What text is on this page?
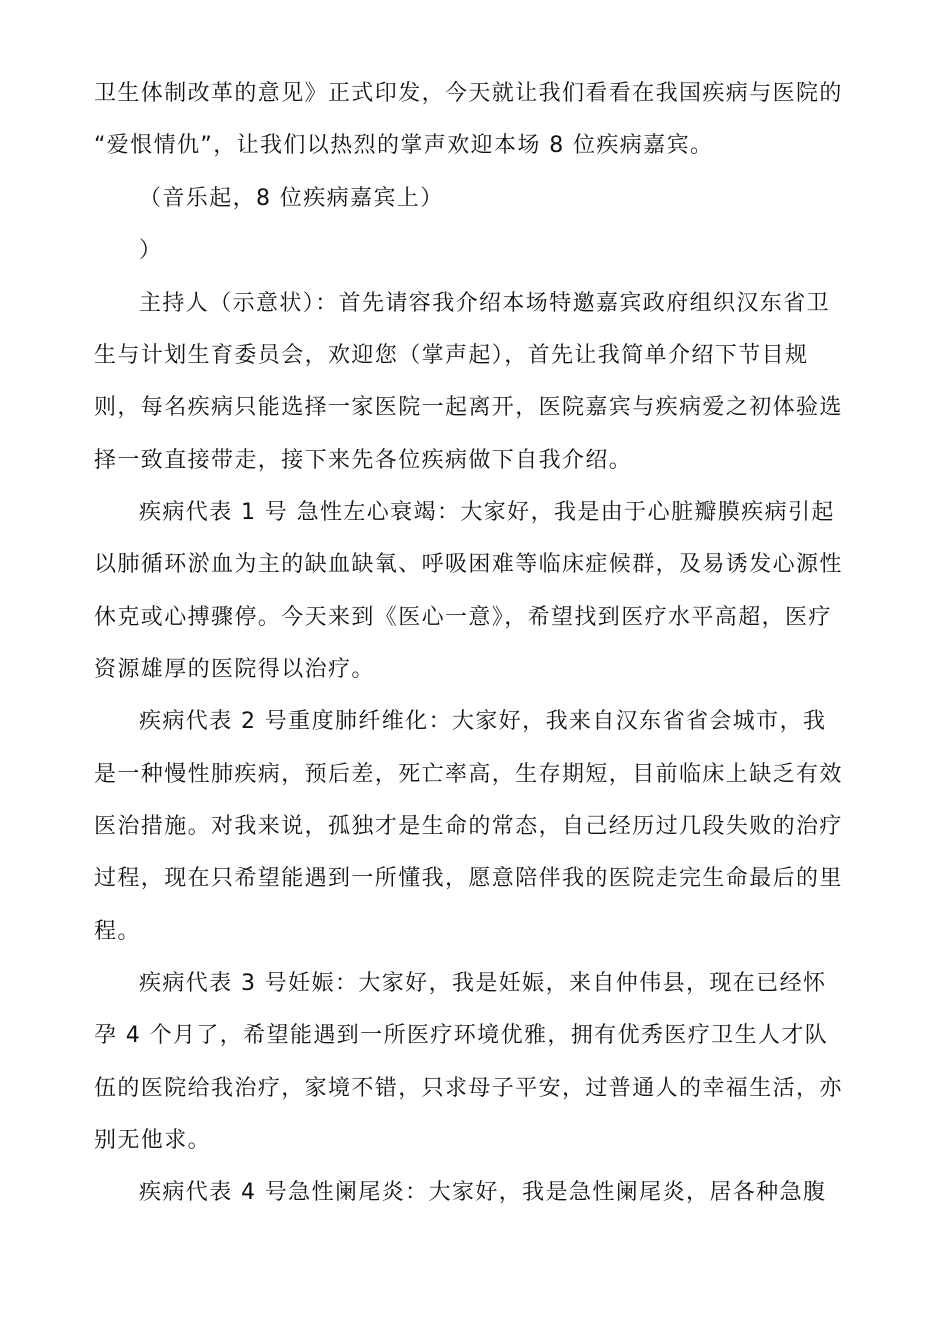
卫生体制改革的意见》正式印发，今天就让我们看看在我国疾病与医院的
“爱恨情仇”，让我们以热烈的掌声欢迎本场 8 位疾病嘉宾。
（音乐起，8 位疾病嘉宾上）
）
主持人（示意状）：首先请容我介绍本场特邀嘉宾政府组织汉东省卫
生与计划生育委员会，欢迎您（掌声起），首先让我简单介绍下节目规
则，每名疾病只能选择一家医院一起离开，医院嘉宾与疾病爱之初体验选
择一致直接带走，接下来先各位疾病做下自我介绍。
疾病代表 1 号 急性左心衰竭：大家好，我是由于心脏瓣膜疾病引起
以肺循环淤血为主的缺血缺氧、呼吸困难等临床症候群，及易诱发心源性
休克或心搏骤停。今天来到《医心一意》，希望找到医疗水平高超，医疗
资源雄厚的医院得以治疗。
疾病代表 2 号重度肺纤维化：大家好，我来自汉东省省会城市，我
是一种慢性肺疾病，预后差，死亡率高，生存期短，目前临床上缺乏有效
医治措施。对我来说，孤独才是生命的常态，自己经历过几段失败的治疗
过程，现在只希望能遇到一所懂我，愿意陪伴我的医院走完生命最后的里
程。
疾病代表 3 号妊娠：大家好，我是妊娠，来自仲伟县，现在已经怀
孕 4 个月了，希望能遇到一所医疗环境优雅，拥有优秀医疗卫生人才队
伍的医院给我治疗，家境不错，只求母子平安，过普通人的幸福生活，亦
别无他求。
疾病代表 4 号急性阑尾炎：大家好，我是急性阑尾炎，居各种急腹
